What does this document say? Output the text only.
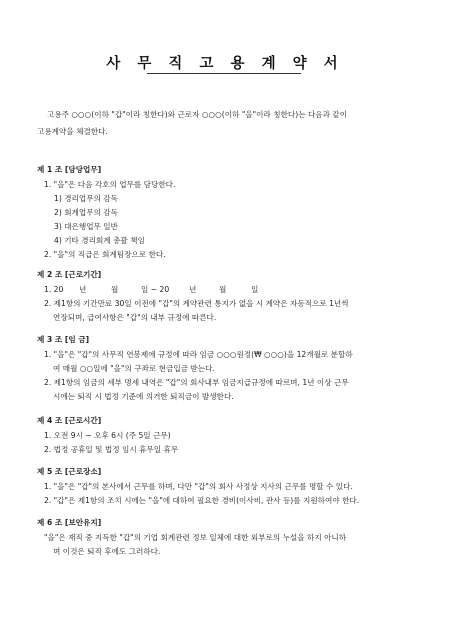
사 무 직 고 용 계 약 서
고용주 ○○○(이하 "갑"이라 칭한다)와 근로자 ○○○(이하 "을"이라 칭한다)는 다음과 같이
고용계약을 체결한다.
제 1 조 [담당업무]
1. "을"은 다음 각호의 업무를 담당한다.
1) 경리업무의 감독
2) 회계업무의 감독
3) 대은행업무 일반
4) 기타 경리회계 총괄 책임
2. "을"의 직급은 회계팀장으로 한다.
제 2 조 [근로기간]
1. 20	년	월	일 ~ 20	년	월	일
2. 제1항의 기간만료 30일 이전에 "갑"의 계약관련 통지가 없을 시 계약은 자동적으로 1년씩
연장되며, 급여사항은 "갑"의 내부 규정에 따른다.
제 3 조 [임 금]
1. "을"은 "갑"의 사무직 연봉제에 규정에 따라 임금 ○○○원정(₩ ○○○)을 12개월로 분할하
여 매월 ○○일에 "을"의 구좌로 현금입금 받는다.
2. 제1항의 임금의 세부 명세 내역은 "갑"의 회사내부 임금지급규정에 따르며, 1년 이상 근무
시에는 퇴직 시 법정 기준에 의거한 퇴직금이 발생한다.
제 4 조 [근로시간]
1. 오전 9시 ~ 오후 6시 (주 5일 근무)
2. 법정 공휴일 및 법정 임시 휴무일 휴무
제 5 조 [근로장소]
1. "을"은 "갑"의 본사에서 근무를 하며, 다만 "갑"의 회사 사정상 지사의 근무를 명할 수 있다.
2. "갑"은 제1항의 조치 시에는 "을"에 대하여 필요한 경비(이사비, 관사 등)를 지원하여야 한다.
제 6 조 [보안유지]
"을"은 재직 중 지득한 "갑"의 기업 회계관련 정보 일체에 대한 외부로의 누설을 하지 아니하
며 이것은 퇴직 후에도 그러하다.
